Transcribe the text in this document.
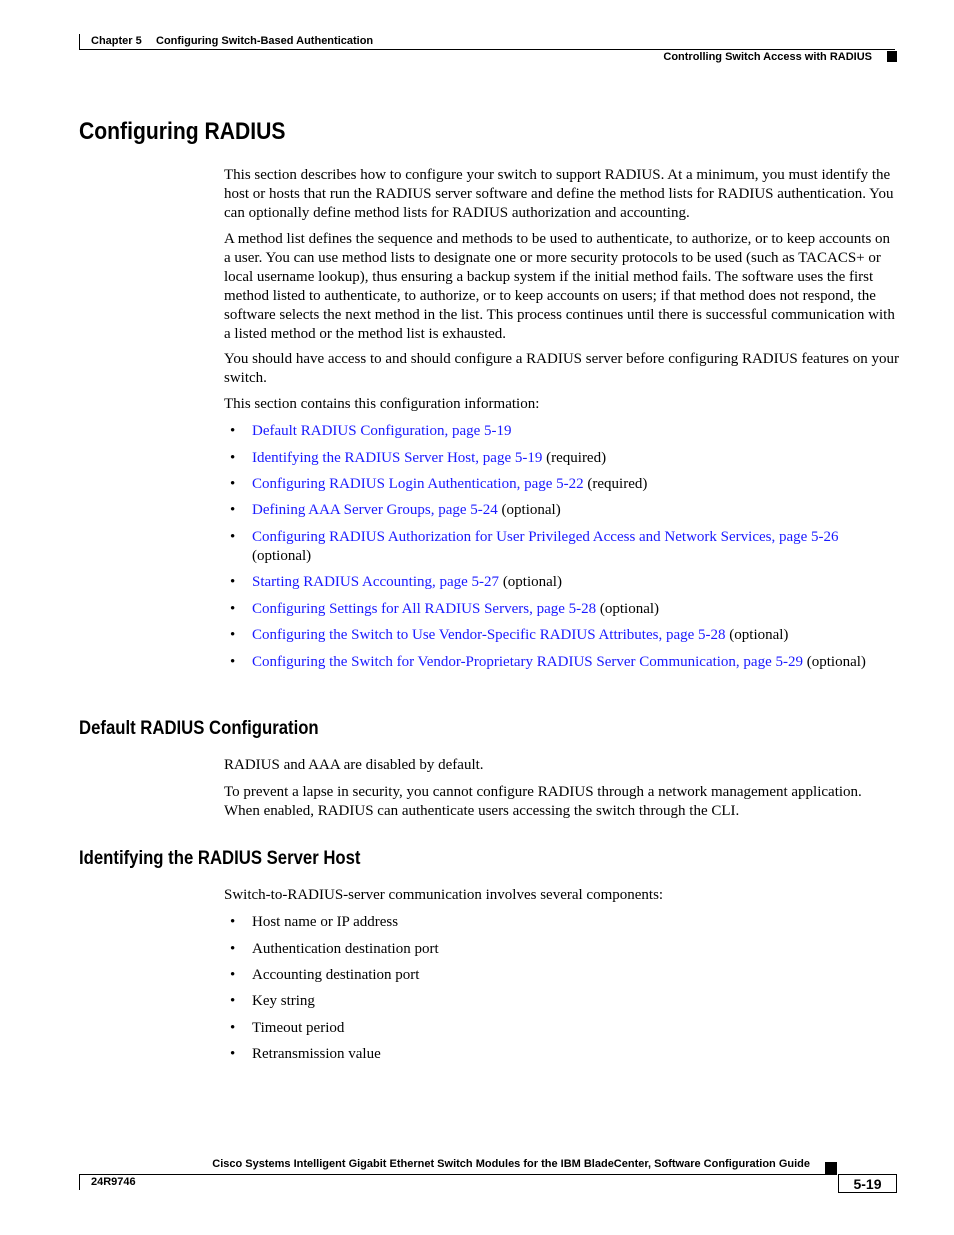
Chapter 5 Configuring Switch-Based Authentication
Controlling Switch Access with RADIUS
Configuring RADIUS

This section describes how to configure your switch to support RADIUS. At a minimum, you must identify the host or hosts that run the RADIUS server software and define the method lists for RADIUS authentication. You can optionally define method lists for RADIUS authorization and accounting.

A method list defines the sequence and methods to be used to authenticate, to authorize, or to keep accounts on a user. You can use method lists to designate one or more security protocols to be used (such as TACACS+ or local username lookup), thus ensuring a backup system if the initial method fails. The software uses the first method listed to authenticate, to authorize, or to keep accounts on users; if that method does not respond, the software selects the next method in the list. This process continues until there is successful communication with a listed method or the method list is exhausted.

You should have access to and should configure a RADIUS server before configuring RADIUS features on your switch.

This section contains this configuration information:

• Default RADIUS Configuration, page 5-19
• Identifying the RADIUS Server Host, page 5-19 (required)
• Configuring RADIUS Login Authentication, page 5-22 (required)
• Defining AAA Server Groups, page 5-24 (optional)
• Configuring RADIUS Authorization for User Privileged Access and Network Services, page 5-26 (optional)
• Starting RADIUS Accounting, page 5-27 (optional)
• Configuring Settings for All RADIUS Servers, page 5-28 (optional)
• Configuring the Switch to Use Vendor-Specific RADIUS Attributes, page 5-28 (optional)
• Configuring the Switch for Vendor-Proprietary RADIUS Server Communication, page 5-29 (optional)
Default RADIUS Configuration

RADIUS and AAA are disabled by default.

To prevent a lapse in security, you cannot configure RADIUS through a network management application. When enabled, RADIUS can authenticate users accessing the switch through the CLI.

Identifying the RADIUS Server Host

Switch-to-RADIUS-server communication involves several components:

• Host name or IP address
• Authentication destination port
• Accounting destination port
• Key string
• Timeout period
• Retransmission value
Cisco Systems Intelligent Gigabit Ethernet Switch Modules for the IBM BladeCenter, Software Configuration Guide
24R9746	5-19
